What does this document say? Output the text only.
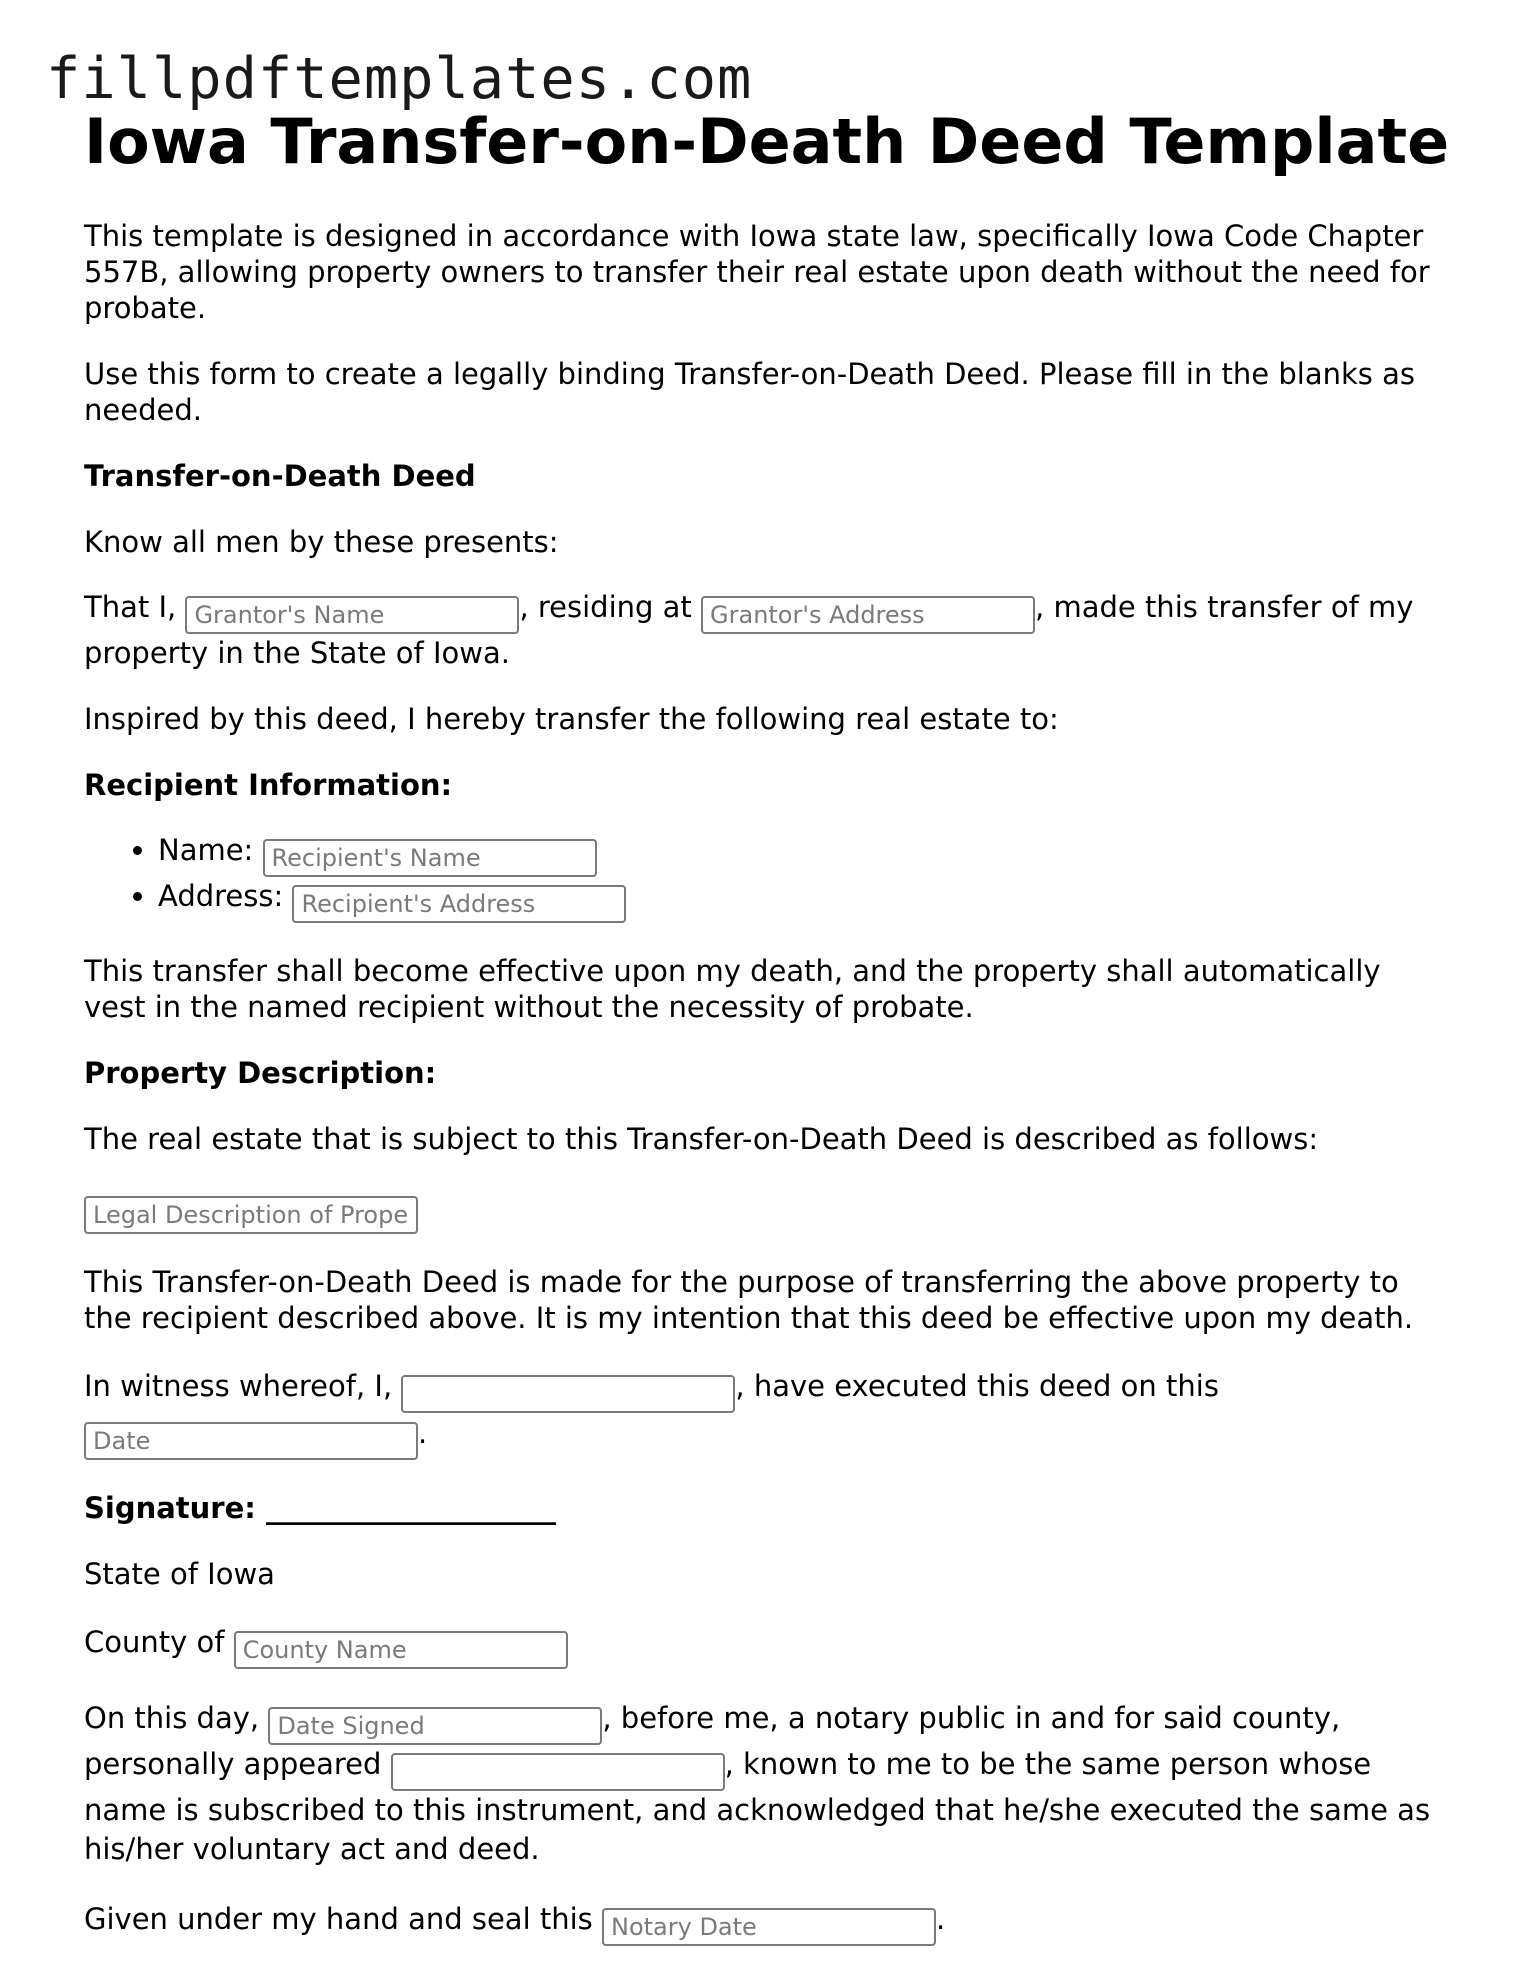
fillpdftemplates.com
Iowa Transfer-on-Death Deed Template

This template is designed in accordance with Iowa state law, specifically Iowa Code Chapter 557B, allowing property owners to transfer their real estate upon death without the need for probate.

Use this form to create a legally binding Transfer-on-Death Deed. Please fill in the blanks as needed.

Transfer-on-Death Deed

Know all men by these presents:

That I, Grantor's Name	, residing at Grantor's Address	, made this transfer of my property in the State of Iowa.

Inspired by this deed, I hereby transfer the following real estate to:

Recipient Information:

• Name: Recipient's Name
• Address: Recipient's Address

This transfer shall become effective upon my death, and the property shall automatically vest in the named recipient without the necessity of probate.

Property Description:

The real estate that is subject to this Transfer-on-Death Deed is described as follows:

Legal Description of Property

This Transfer-on-Death Deed is made for the purpose of transferring the above property to the recipient described above. It is my intention that this deed be effective upon my death.

In witness whereof, I,	, have executed this deed on this Date.

Signature: ____________________

State of Iowa

County of County Name

On this day, Date Signed	, before me, a notary public in and for said county, personally appeared	, known to me to be the same person whose name is subscribed to this instrument, and acknowledged that he/she executed the same as his/her voluntary act and deed.

Given under my hand and seal this Notary Date	.
